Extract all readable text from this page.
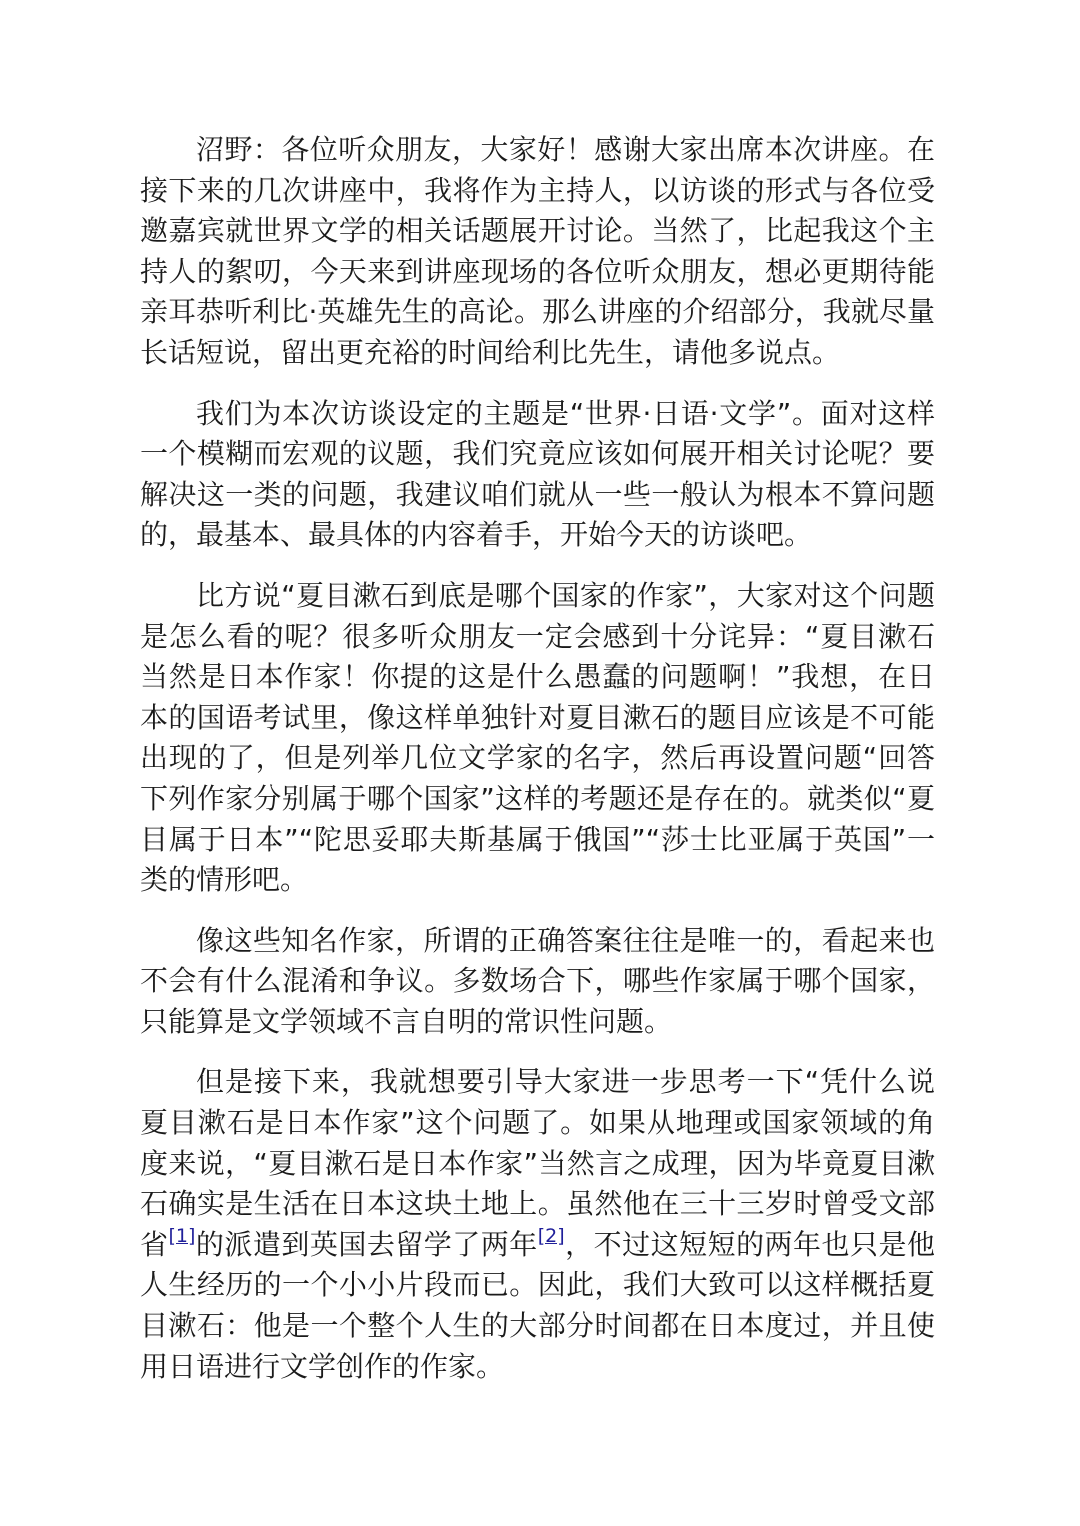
沼野：各位听众朋友，大家好！感谢大家出席本次讲座。在接下来的几次讲座中，我将作为主持人，以访谈的形式与各位受邀嘉宾就世界文学的相关话题展开讨论。当然了，比起我这个主持人的絮叨，今天来到讲座现场的各位听众朋友，想必更期待能亲耳恭听利比·英雄先生的高论。那么讲座的介绍部分，我就尽量长话短说，留出更充裕的时间给利比先生，请他多说点。

我们为本次访谈设定的主题是“世界·日语·文学”。面对这样一个模糊而宏观的议题，我们究竟应该如何展开相关讨论呢？要解决这一类的问题，我建议咱们就从一些一般认为根本不算问题的，最基本、最具体的内容着手，开始今天的访谈吧。

比方说“夏目漱石到底是哪个国家的作家”，大家对这个问题是怎么看的呢？很多听众朋友一定会感到十分诧异：“夏目漱石当然是日本作家！你提的这是什么愚蠢的问题啊！”我想，在日本的国语考试里，像这样单独针对夏目漱石的题目应该是不可能出现的了，但是列举几位文学家的名字，然后再设置问题“回答下列作家分别属于哪个国家”这样的考题还是存在的。就类似“夏目属于日本”“陀思妥耶夫斯基属于俄国”“莎士比亚属于英国”一类的情形吧。

像这些知名作家，所谓的正确答案往往是唯一的，看起来也不会有什么混淆和争议。多数场合下，哪些作家属于哪个国家，只能算是文学领域不言自明的常识性问题。

但是接下来，我就想要引导大家进一步思考一下“凭什么说夏目漱石是日本作家”这个问题了。如果从地理或国家领域的角度来说，“夏目漱石是日本作家”当然言之成理，因为毕竟夏目漱石确实是生活在日本这块土地上。虽然他在三十三岁时曾受文部省[1]的派遣到英国去留学了两年[2]，不过这短短的两年也只是他人生经历的一个小小片段而已。因此，我们大致可以这样概括夏目漱石：他是一个整个人生的大部分时间都在日本度过，并且使用日语进行文学创作的作家。
